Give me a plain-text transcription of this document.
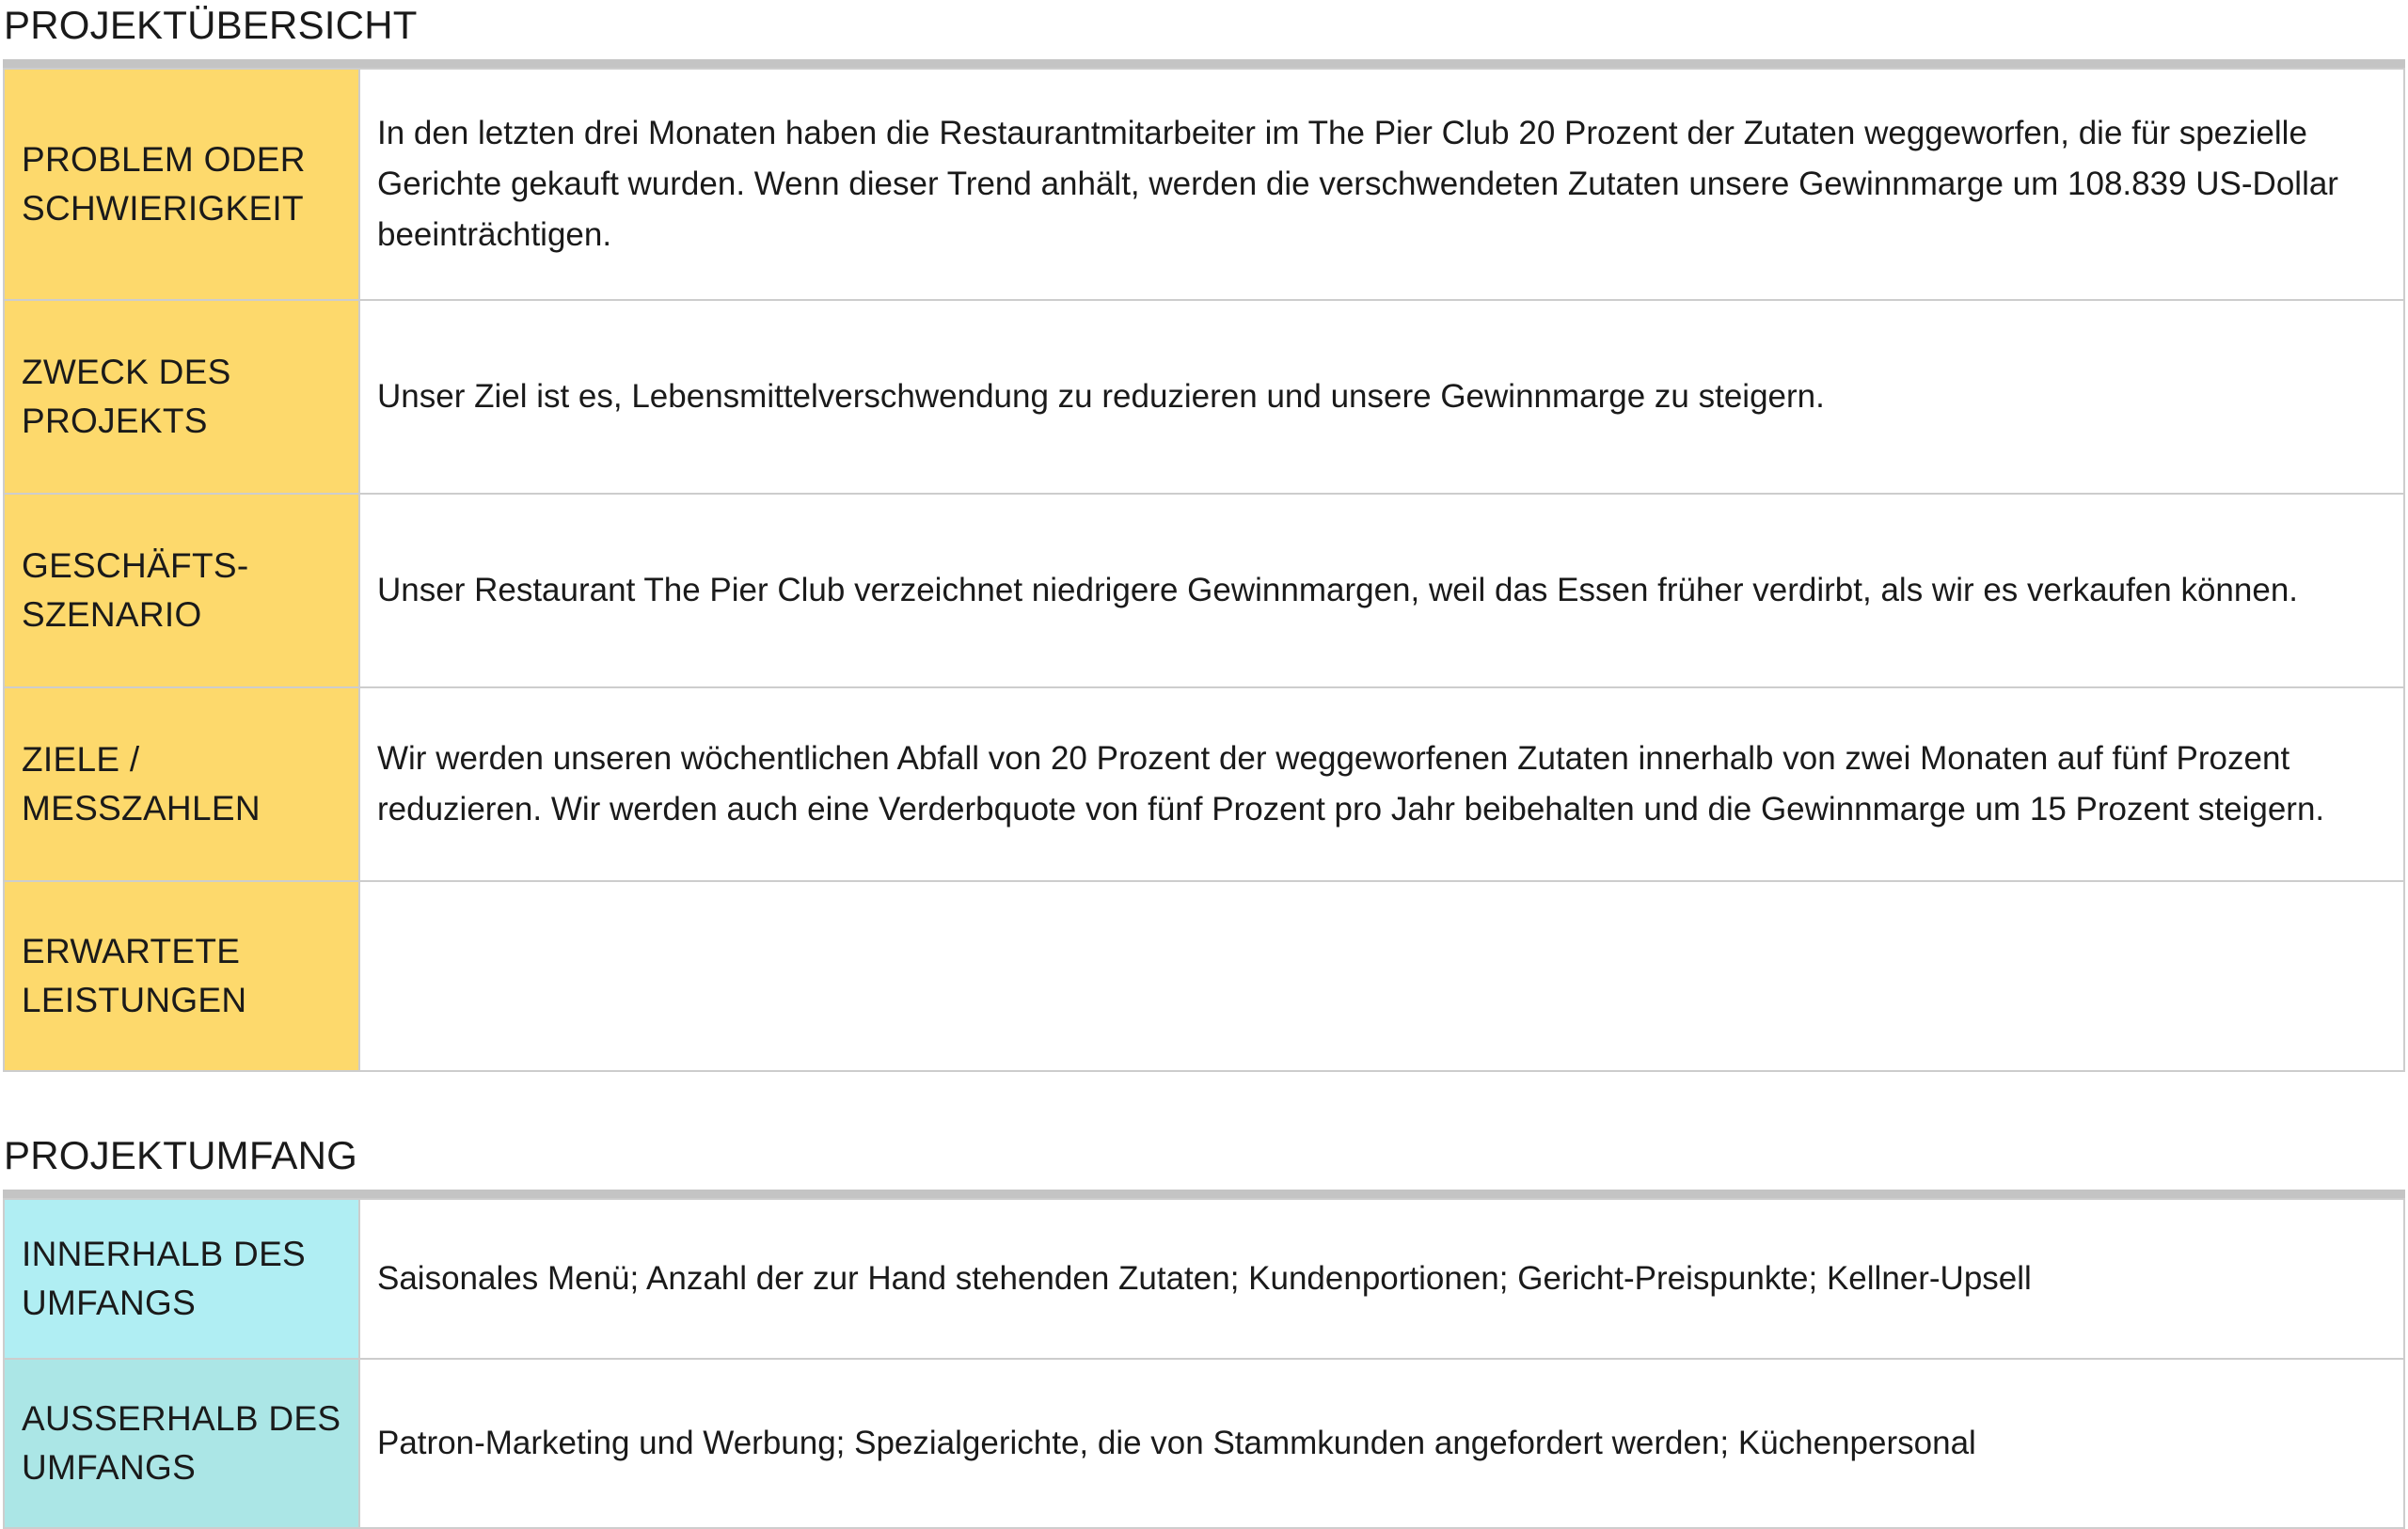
PROJEKTÜBERSICHT
PROBLEM ODER SCHWIERIGKEIT	In den letzten drei Monaten haben die Restaurantmitarbeiter im The Pier Club 20 Prozent der Zutaten weggeworfen, die für spezielle Gerichte gekauft wurden. Wenn dieser Trend anhält, werden die verschwendeten Zutaten unsere Gewinnmarge um 108.839 US-Dollar beeinträchtigen.
ZWECK DES PROJEKTS	Unser Ziel ist es, Lebensmittelverschwendung zu reduzieren und unsere Gewinnmarge zu steigern.
GESCHÄFTS-SZENARIO	Unser Restaurant The Pier Club verzeichnet niedrigere Gewinnmargen, weil das Essen früher verdirbt, als wir es verkaufen können.
ZIELE / MESSZAHLEN	Wir werden unseren wöchentlichen Abfall von 20 Prozent der weggeworfenen Zutaten innerhalb von zwei Monaten auf fünf Prozent reduzieren. Wir werden auch eine Verderbquote von fünf Prozent pro Jahr beibehalten und die Gewinnmarge um 15 Prozent steigern.
ERWARTETE LEISTUNGEN	
PROJEKTUMFANG
INNERHALB DES UMFANGS	Saisonales Menü; Anzahl der zur Hand stehenden Zutaten; Kundenportionen; Gericht-Preispunkte; Kellner-Upsell
AUSSERHALB DES UMFANGS	Patron-Marketing und Werbung; Spezialgerichte, die von Stammkunden angefordert werden; Küchenpersonal
